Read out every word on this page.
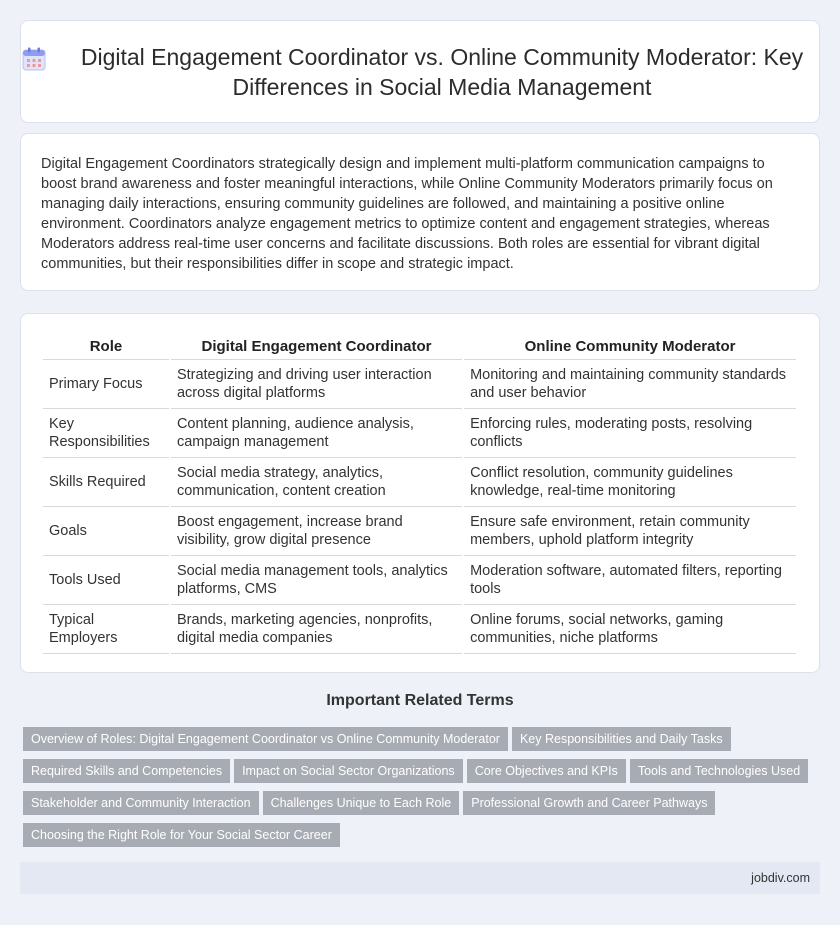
Digital Engagement Coordinator vs. Online Community Moderator: Key Differences in Social Media Management

Digital Engagement Coordinators strategically design and implement multi-platform communication campaigns to boost brand awareness and foster meaningful interactions, while Online Community Moderators primarily focus on managing daily interactions, ensuring community guidelines are followed, and maintaining a positive online environment. Coordinators analyze engagement metrics to optimize content and engagement strategies, whereas Moderators address real-time user concerns and facilitate discussions. Both roles are essential for vibrant digital communities, but their responsibilities differ in scope and strategic impact.

Role	Digital Engagement Coordinator	Online Community Moderator
Primary Focus	Strategizing and driving user interaction across digital platforms	Monitoring and maintaining community standards and user behavior
Key Responsibilities	Content planning, audience analysis, campaign management	Enforcing rules, moderating posts, resolving conflicts
Skills Required	Social media strategy, analytics, communication, content creation	Conflict resolution, community guidelines knowledge, real-time monitoring
Goals	Boost engagement, increase brand visibility, grow digital presence	Ensure safe environment, retain community members, uphold platform integrity
Tools Used	Social media management tools, analytics platforms, CMS	Moderation software, automated filters, reporting tools
Typical Employers	Brands, marketing agencies, nonprofits, digital media companies	Online forums, social networks, gaming communities, niche platforms
Important Related Terms
Overview of Roles: Digital Engagement Coordinator vs Online Community Moderator Key Responsibilities and Daily Tasks
Required Skills and Competencies Impact on Social Sector Organizations Core Objectives and KPIs Tools and Technologies Used
Stakeholder and Community Interaction Challenges Unique to Each Role Professional Growth and Career Pathways
Choosing the Right Role for Your Social Sector Career
jobdiv.com
